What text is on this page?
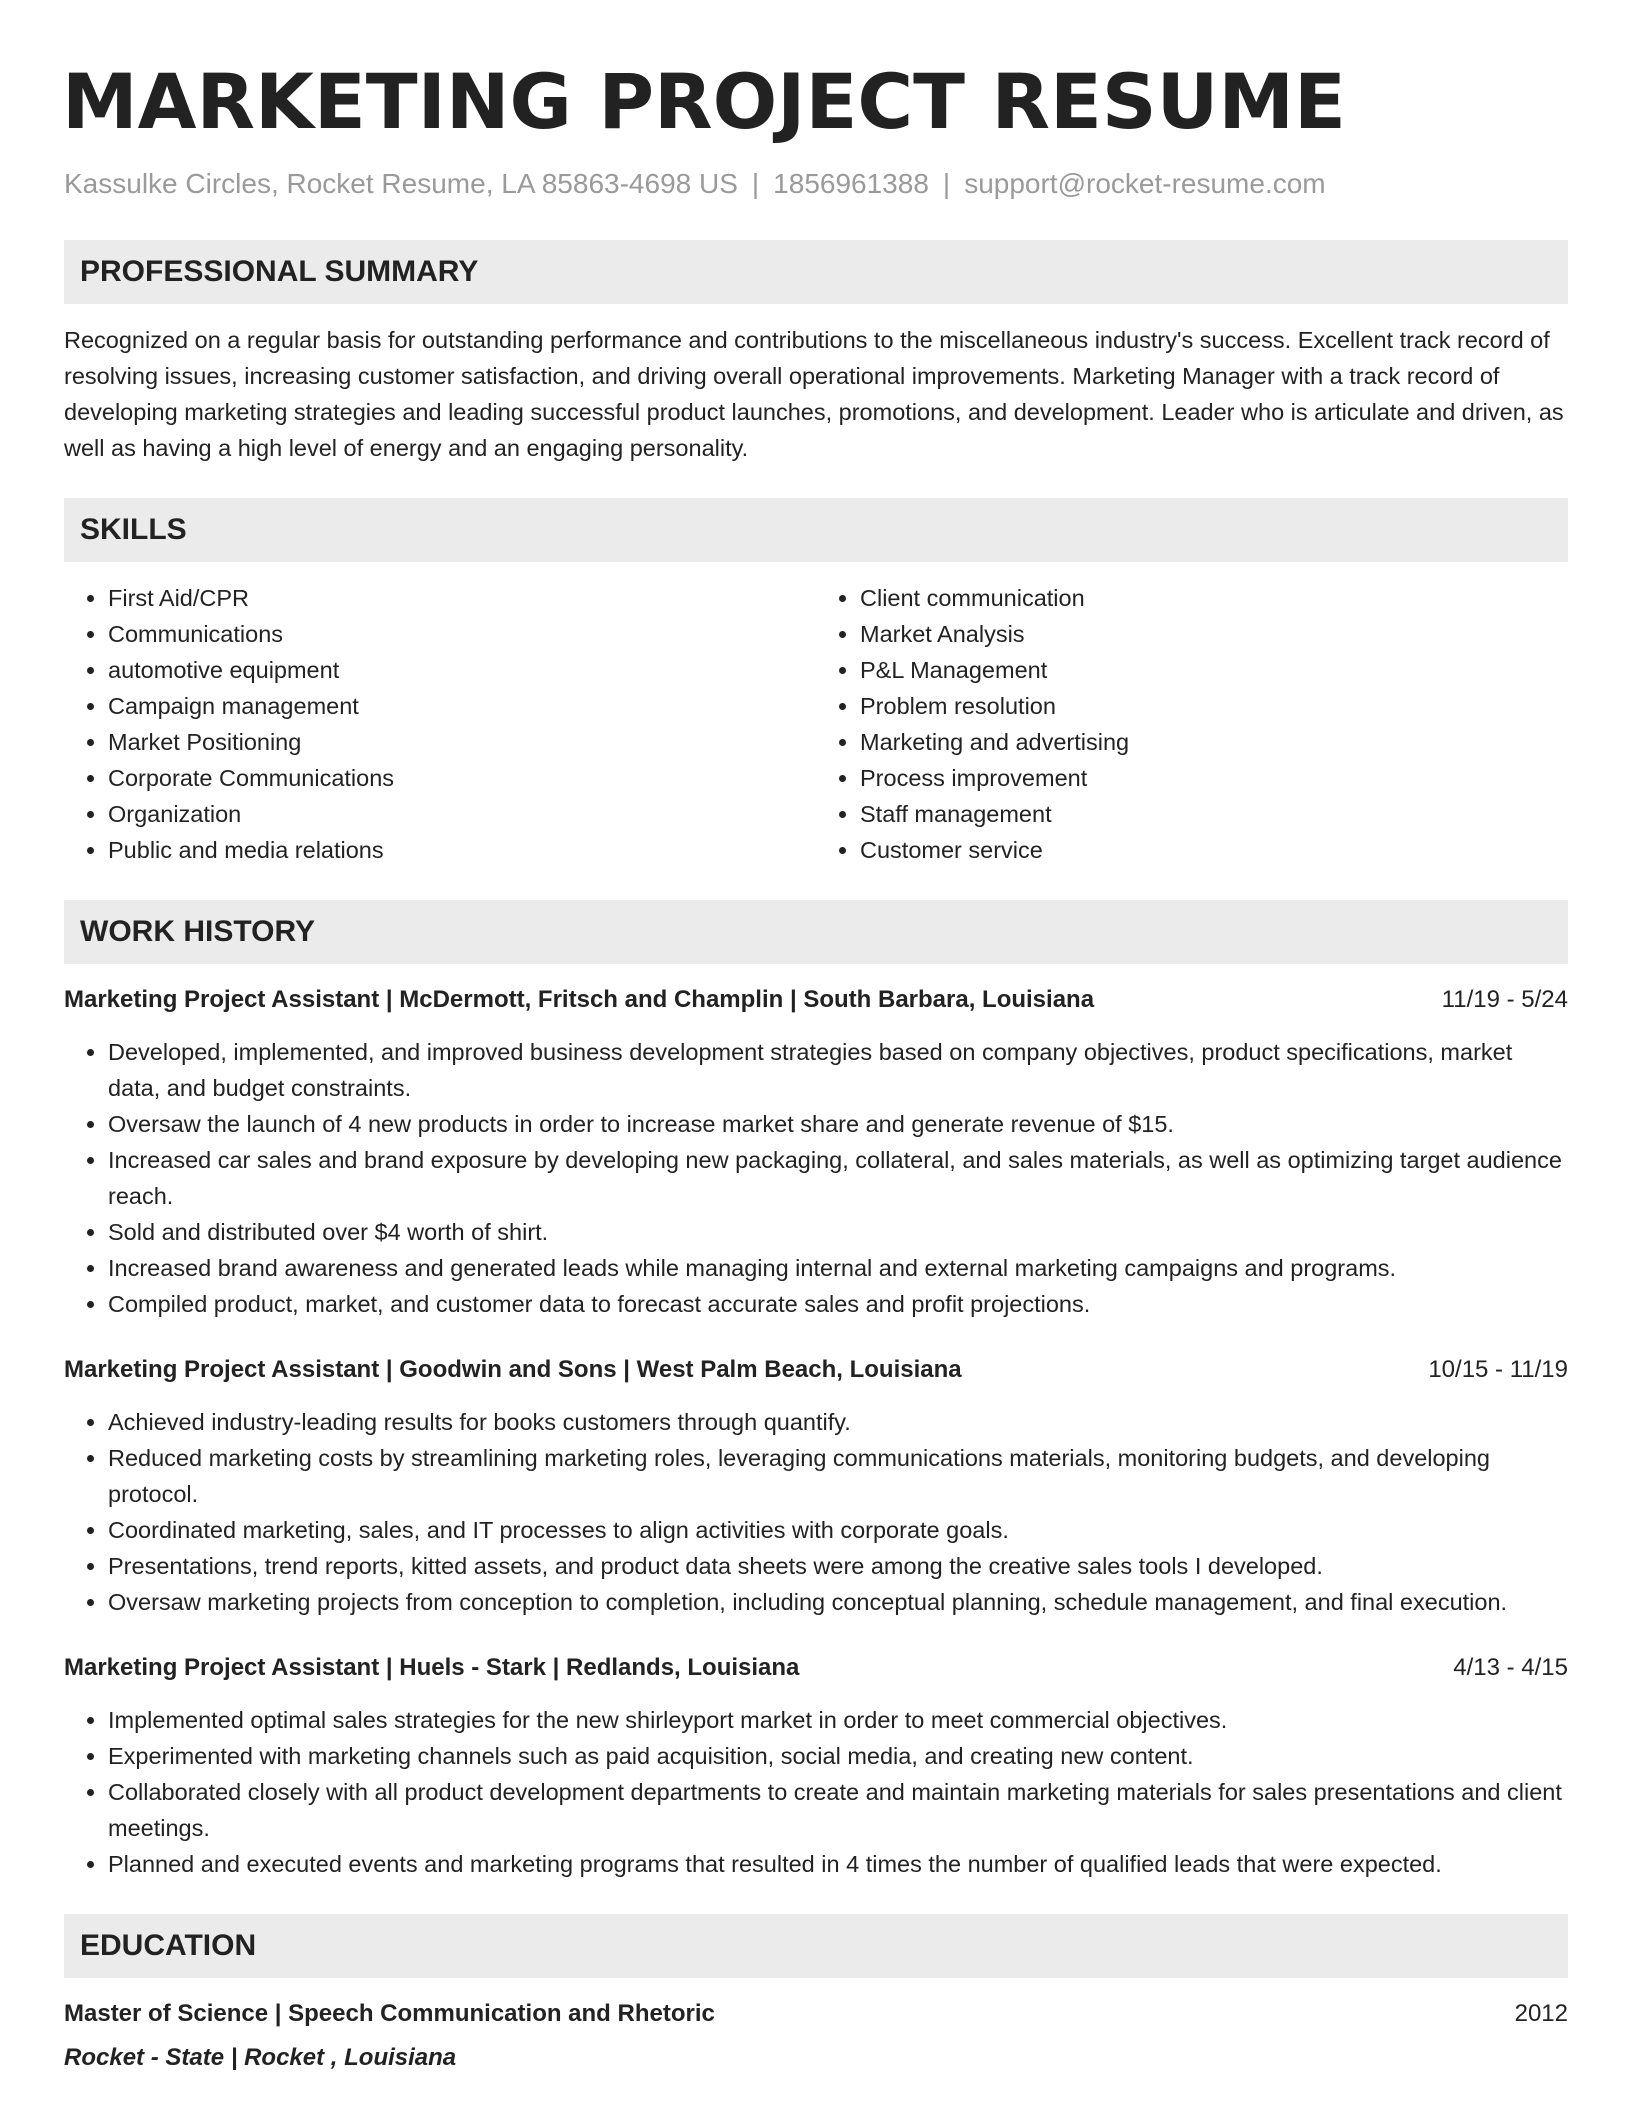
MARKETING PROJECT RESUME
Kassulke Circles, Rocket Resume, LA 85863-4698 US | 1856961388 | support@rocket-resume.com
PROFESSIONAL SUMMARY
Recognized on a regular basis for outstanding performance and contributions to the miscellaneous industry's success. Excellent track record of resolving issues, increasing customer satisfaction, and driving overall operational improvements. Marketing Manager with a track record of developing marketing strategies and leading successful product launches, promotions, and development. Leader who is articulate and driven, as well as having a high level of energy and an engaging personality.
SKILLS
• First Aid/CPR
• Communications
• automotive equipment
• Campaign management
• Market Positioning
• Corporate Communications
• Organization
• Public and media relations
• Client communication
• Market Analysis
• P&L Management
• Problem resolution
• Marketing and advertising
• Process improvement
• Staff management
• Customer service
WORK HISTORY
Marketing Project Assistant | McDermott, Fritsch and Champlin | South Barbara, Louisiana	11/19 - 5/24
• Developed, implemented, and improved business development strategies based on company objectives, product specifications, market data, and budget constraints.
• Oversaw the launch of 4 new products in order to increase market share and generate revenue of $15.
• Increased car sales and brand exposure by developing new packaging, collateral, and sales materials, as well as optimizing target audience reach.
• Sold and distributed over $4 worth of shirt.
• Increased brand awareness and generated leads while managing internal and external marketing campaigns and programs.
• Compiled product, market, and customer data to forecast accurate sales and profit projections.
Marketing Project Assistant | Goodwin and Sons | West Palm Beach, Louisiana	10/15 - 11/19
• Achieved industry-leading results for books customers through quantify.
• Reduced marketing costs by streamlining marketing roles, leveraging communications materials, monitoring budgets, and developing protocol.
• Coordinated marketing, sales, and IT processes to align activities with corporate goals.
• Presentations, trend reports, kitted assets, and product data sheets were among the creative sales tools I developed.
• Oversaw marketing projects from conception to completion, including conceptual planning, schedule management, and final execution.
Marketing Project Assistant | Huels - Stark | Redlands, Louisiana	4/13 - 4/15
• Implemented optimal sales strategies for the new shirleyport market in order to meet commercial objectives.
• Experimented with marketing channels such as paid acquisition, social media, and creating new content.
• Collaborated closely with all product development departments to create and maintain marketing materials for sales presentations and client meetings.
• Planned and executed events and marketing programs that resulted in 4 times the number of qualified leads that were expected.
EDUCATION
Master of Science | Speech Communication and Rhetoric	2012
Rocket - State | Rocket , Louisiana
